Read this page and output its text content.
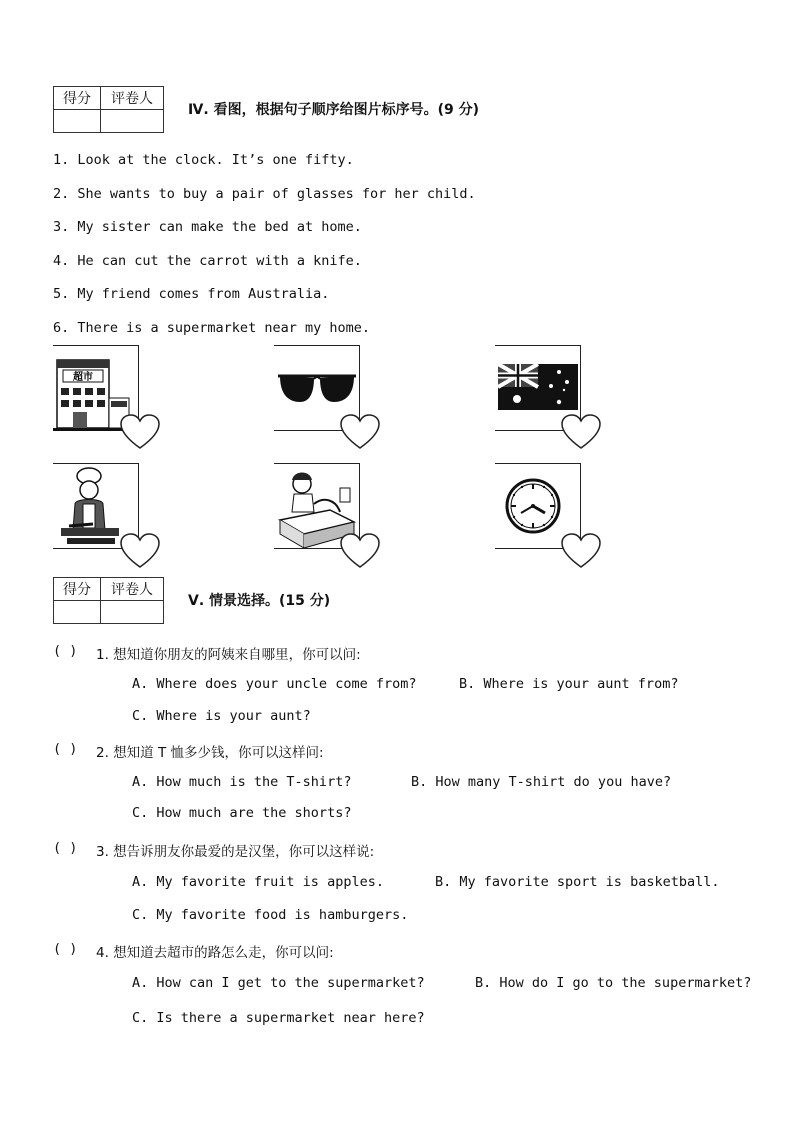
得分	评卷人

Ⅳ. 看图，根据句子顺序给图片标序号。(9 分)
1. Look at the clock. It’s one fifty.
2. She wants to buy a pair of glasses for her child.
3. My sister can make the bed at home.
4. He can cut the carrot with a knife.
5. My friend comes from Australia.
6. There is a supermarket near my home.
超市
得分	评卷人

Ⅴ. 情景选择。(15 分)
( ) 1. 想知道你朋友的阿姨来自哪里，你可以问:
A. Where does your uncle come from?	B. Where is your aunt from?
C. Where is your aunt?
( ) 2. 想知道 T 恤多少钱，你可以这样问:
A. How much is the T-shirt?	B. How many T-shirt do you have?
C. How much are the shorts?
( ) 3. 想告诉朋友你最爱的是汉堡，你可以这样说:
A. My favorite fruit is apples.	B. My favorite sport is basketball.
C. My favorite food is hamburgers.
( ) 4. 想知道去超市的路怎么走，你可以问:
A. How can I get to the supermarket?	B. How do I go to the supermarket?
C. Is there a supermarket near here?
